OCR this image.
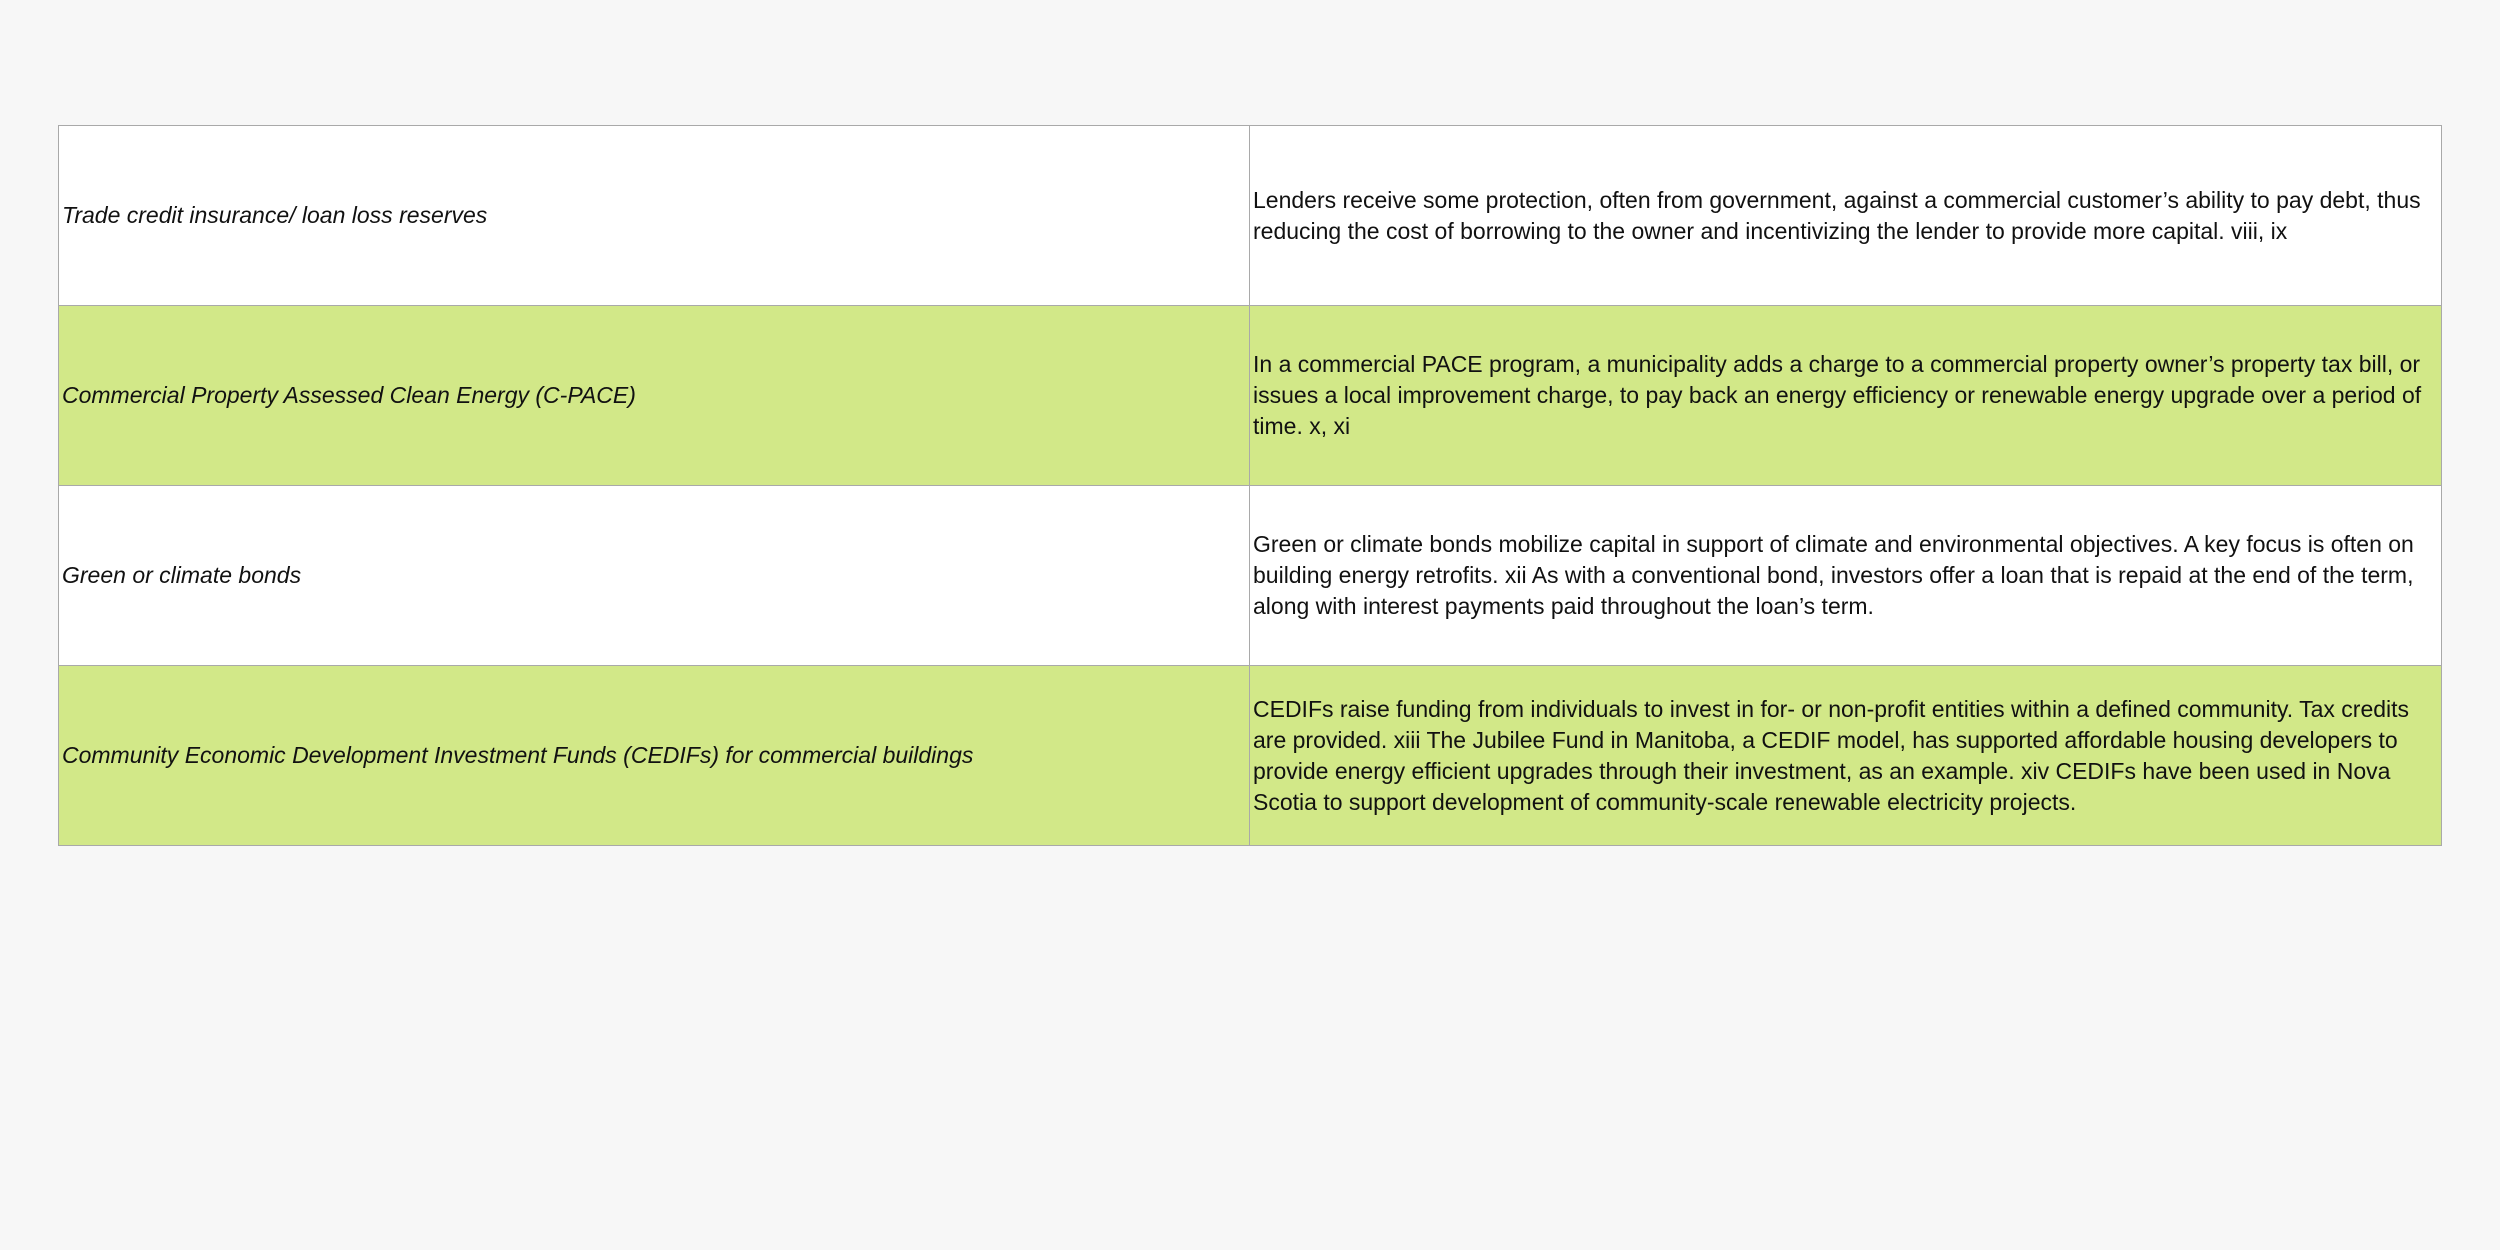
Trade credit insurance/ loan loss reserves
Lenders receive some protection, often from government, against a commercial customer’s ability to pay debt, thus reducing the cost of borrowing to the owner and incentivizing the lender to provide more capital. viii, ix
Commercial Property Assessed Clean Energy (C-PACE)
In a commercial PACE program, a municipality adds a charge to a commercial property owner’s property tax bill, or issues a local improvement charge, to pay back an energy efficiency or renewable energy upgrade over a period of time. x, xi
Green or climate bonds
Green or climate bonds mobilize capital in support of climate and environmental objectives. A key focus is often on building energy retrofits. xii As with a conventional bond, investors offer a loan that is repaid at the end of the term, along with interest payments paid throughout the loan’s term.
Community Economic Development Investment Funds (CEDIFs) for commercial buildings
CEDIFs raise funding from individuals to invest in for- or non-profit entities within a defined community. Tax credits are provided. xiii The Jubilee Fund in Manitoba, a CEDIF model, has supported affordable housing developers to provide energy efficient upgrades through their investment, as an example. xiv CEDIFs have been used in Nova Scotia to support development of community-scale renewable electricity projects.
